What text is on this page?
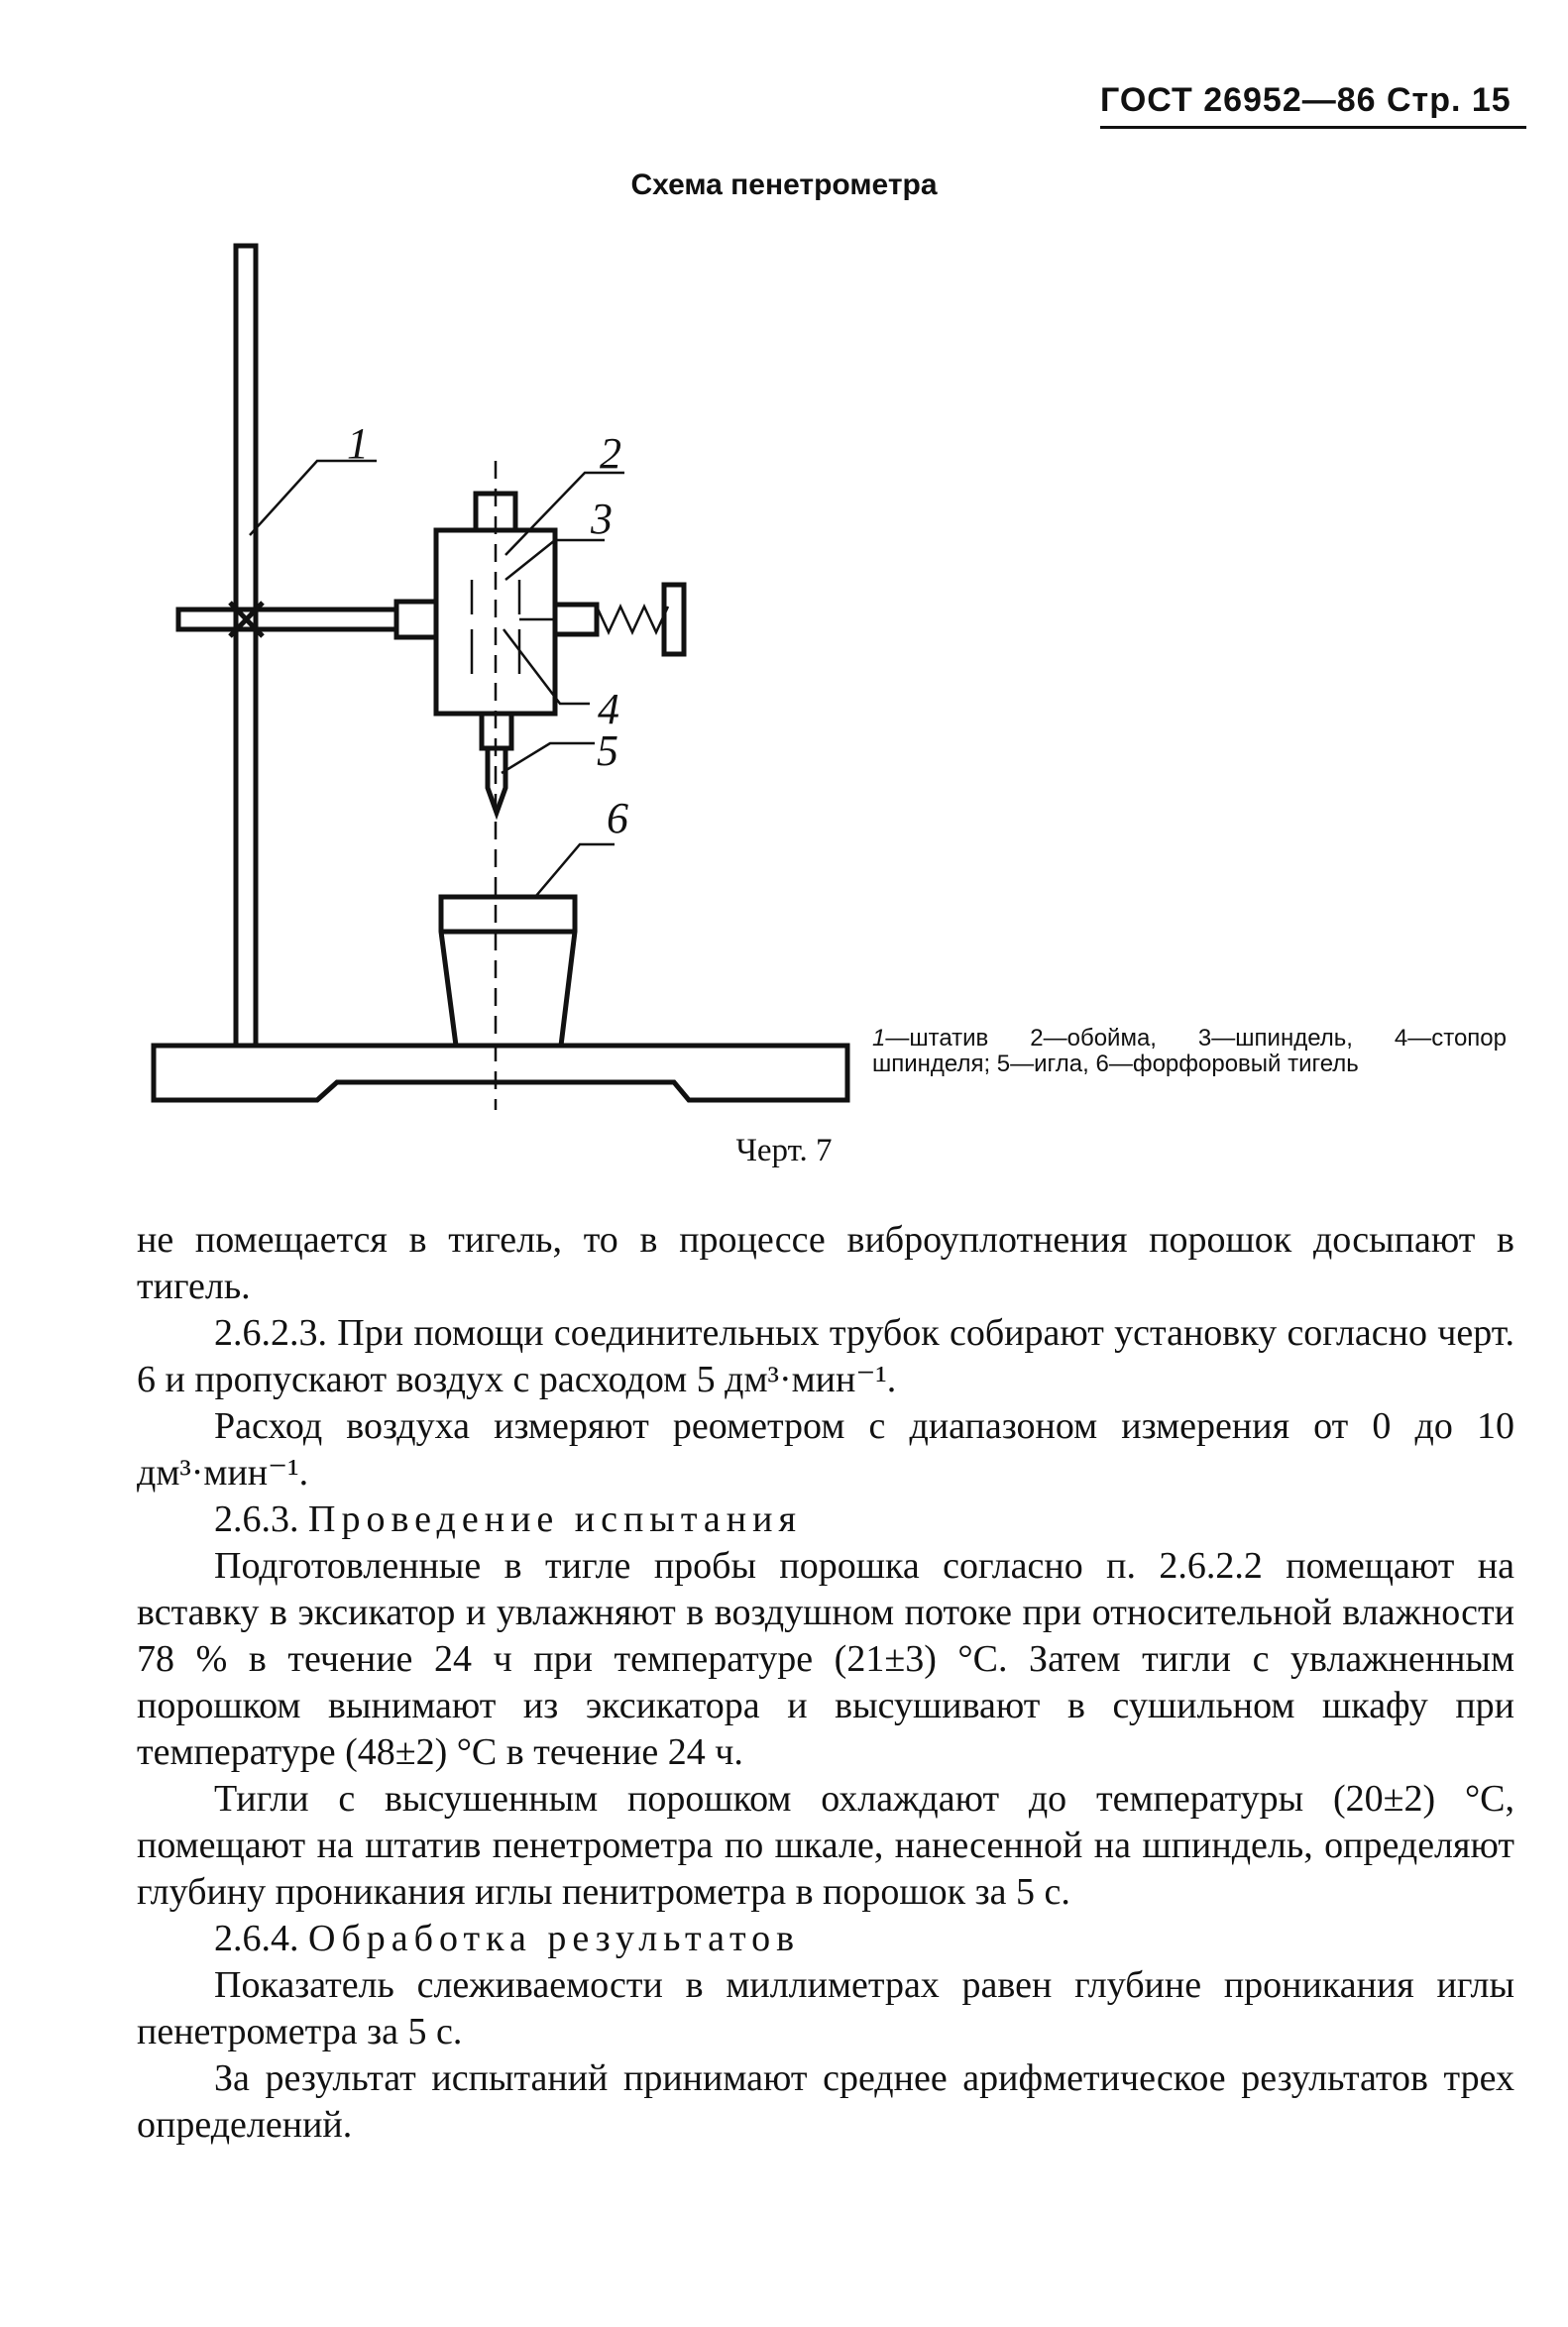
ГОСТ 26952—86 Стр. 15
Схема пенетрометра
1	2
3
4
5
6
1—штатив 2—обойма, 3—шпиндель, 4—стопор шпинделя; 5—игла, 6—форфоровый тигель
Черт. 7

не помещается в тигель, то в процессе виброуплотнения порошок досыпают в тигель.

2.6.2.3. При помощи соединительных трубок собирают установку согласно черт. 6 и пропускают воздух с расходом 5 дм³·мин⁻¹.

Расход воздуха измеряют реометром с диапазоном измерения от 0 до 10 дм³·мин⁻¹.

2.6.3. Проведение испытания

Подготовленные в тигле пробы порошка согласно п. 2.6.2.2 помещают на вставку в эксикатор и увлажняют в воздушном потоке при относительной влажности 78 % в течение 24 ч при температуре (21±3) °С. Затем тигли с увлажненным порошком вынимают из эксикатора и высушивают в сушильном шкафу при температуре (48±2) °С в течение 24 ч.

Тигли с высушенным порошком охлаждают до температуры (20±2) °С, помещают на штатив пенетрометра по шкале, нанесенной на шпиндель, определяют глубину проникания иглы пенитрометра в порошок за 5 с.

2.6.4. Обработка результатов

Показатель слеживаемости в миллиметрах равен глубине проникания иглы пенетрометра за 5 с.

За результат испытаний принимают среднее арифметическое результатов трех определений.
